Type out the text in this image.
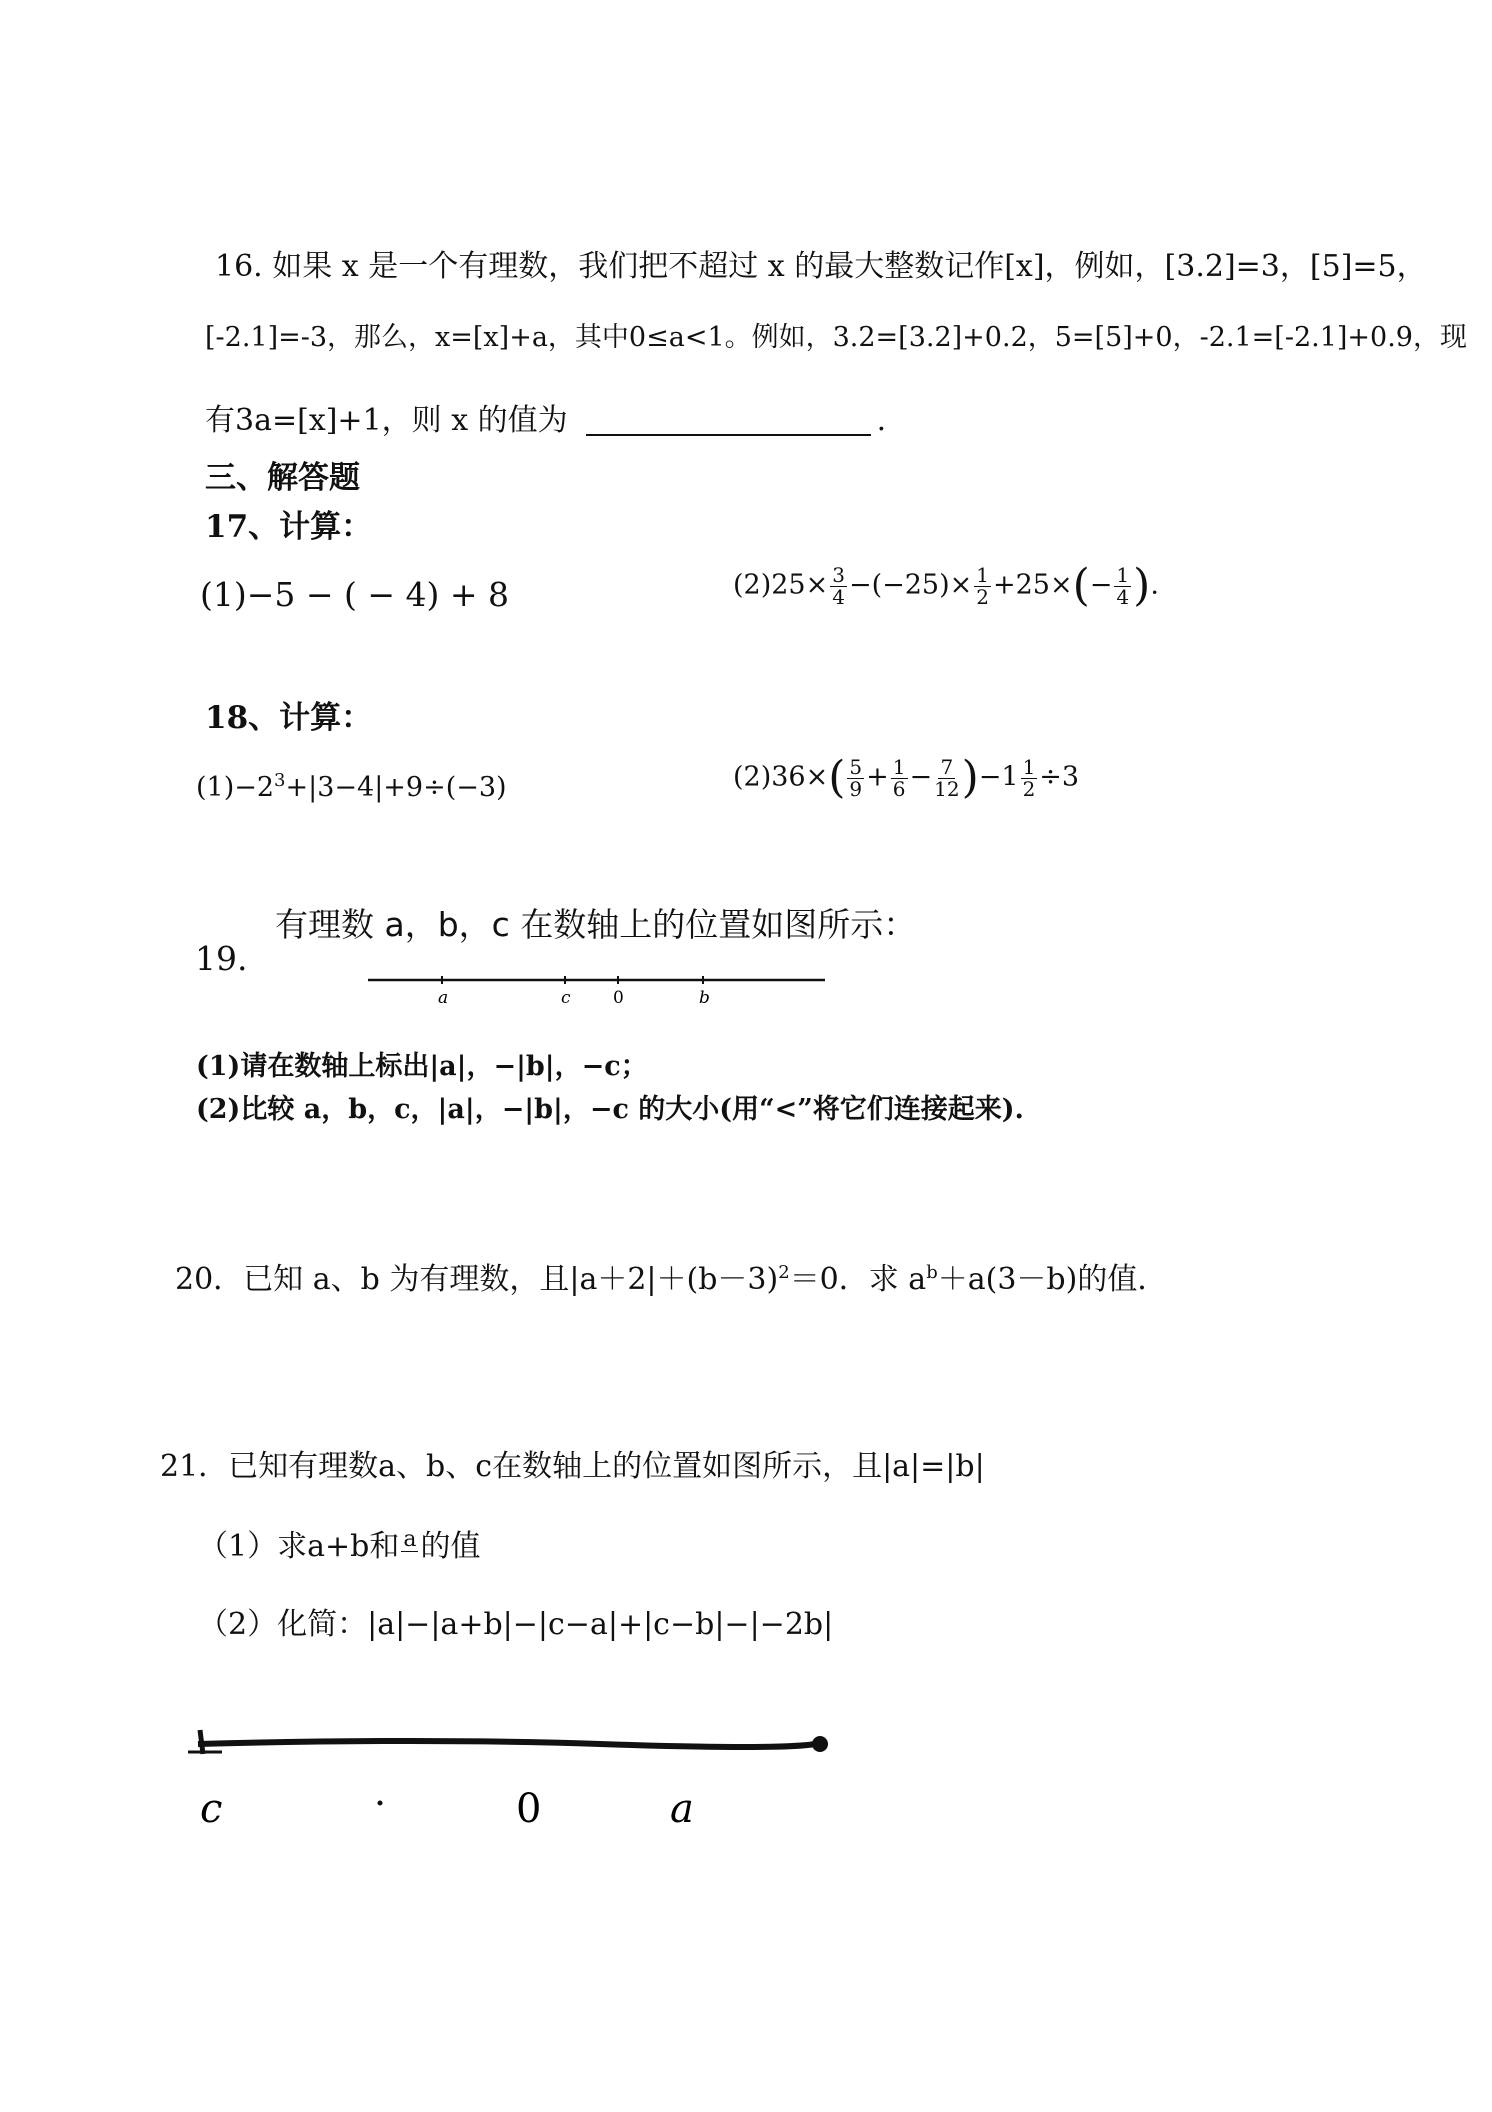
16. 如果 x 是一个有理数，我们把不超过 x 的最大整数记作[x]，例如，[3.2]=3，[5]=5，
[-2.1]=-3，那么，x=[x]+a，其中0≤a<1。例如，3.2=[3.2]+0.2，5=[5]+0，-2.1=[-2.1]+0.9，现
有3a=[x]+1，则 x 的值为	.
三、解答题
17、计算：
(1)−5 − ( − 4) + 8	$(2)25\times \frac{3}{4} -(-25)\times \frac{1}{2} +25\times(- \frac{1}{4}$ ).
18、计算：
$(1)-2^3+|3-4|+9\div(-3)$	$(2)36\times( \frac{5}{9} + \frac{1}{6} - \frac{7}{12} )-1 \frac{1}{2} \div 3$
19.
有理数 a，b，c 在数轴上的位置如图所示：
a	c 0	b
c	0	a
(1)请在数轴上标出|a|，−|b|，−c；
(2)比较 a，b，c，|a|，−|b|，−c 的大小(用“<”将它们连接起来).
20．已知 a、b 为有理数，且$|a+2|+(b-3)^2=0$．求 $a^b+a(3-b)$的值．
21．已知有理数a、b、c在数轴上的位置如图所示，且|a|=|b|
（1）求a+b和 a
的值
（2）化简：|a|−|a+b|−|c−a|+|c−b|−|−2b|
